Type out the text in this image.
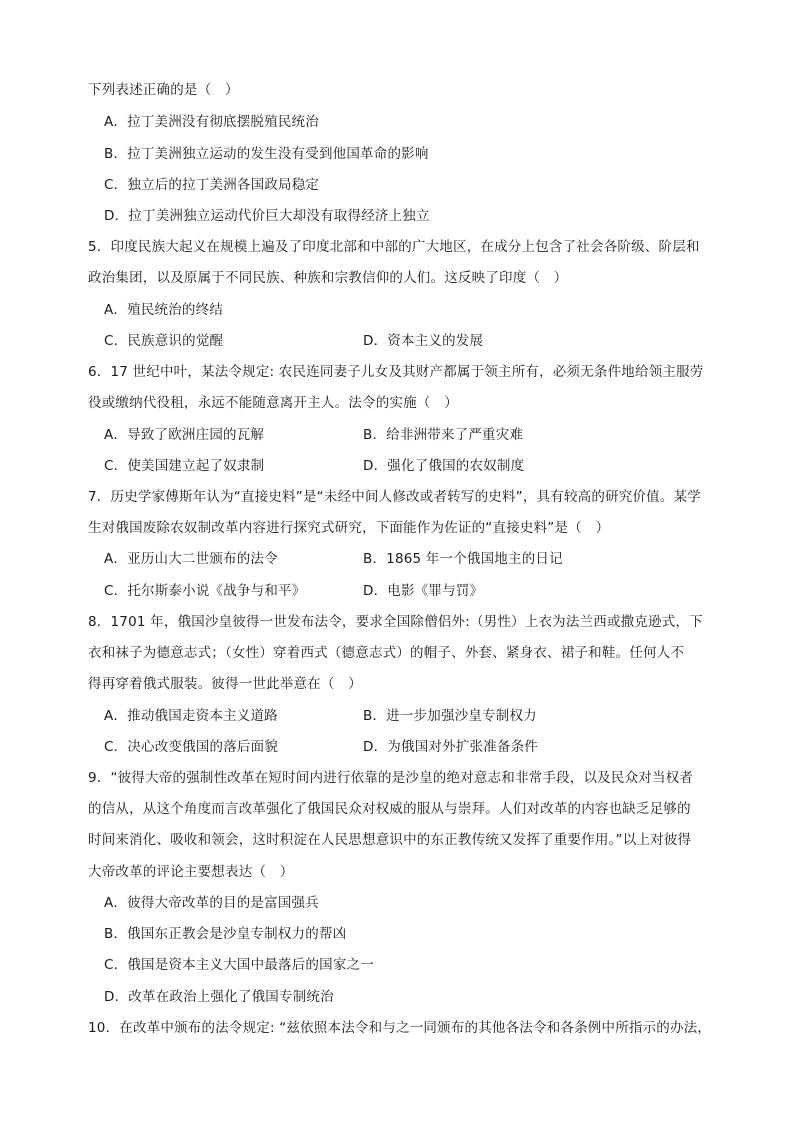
下列表述正确的是（　）
A．拉丁美洲没有彻底摆脱殖民统治
B．拉丁美洲独立运动的发生没有受到他国革命的影响
C．独立后的拉丁美洲各国政局稳定
D．拉丁美洲独立运动代价巨大却没有取得经济上独立
5．印度民族大起义在规模上遍及了印度北部和中部的广大地区，在成分上包含了社会各阶级、阶层和
政治集团，以及原属于不同民族、种族和宗教信仰的人们。这反映了印度（　）
A．殖民统治的终结
C．民族意识的觉醒	D．资本主义的发展
6．17 世纪中叶，某法令规定: 农民连同妻子儿女及其财产都属于领主所有，必须无条件地给领主服劳
役或缴纳代役租，永远不能随意离开主人。法令的实施（　）
A．导致了欧洲庄园的瓦解	B．给非洲带来了严重灾难
C．使美国建立起了奴隶制	D．强化了俄国的农奴制度
7．历史学家傅斯年认为“直接史料”是“未经中间人修改或者转写的史料”，具有较高的研究价值。某学
生对俄国废除农奴制改革内容进行探究式研究，下面能作为佐证的“直接史料”是（　）
A．亚历山大二世颁布的法令	B．1865 年一个俄国地主的日记
C．托尔斯泰小说《战争与和平》	D．电影《罪与罚》
8．1701 年，俄国沙皇彼得一世发布法令，要求全国除僧侣外:（男性）上衣为法兰西或撒克逊式，下
衣和袜子为德意志式；（女性）穿着西式（德意志式）的帽子、外套、紧身衣、裙子和鞋。任何人不
得再穿着俄式服装。彼得一世此举意在（　）
A．推动俄国走资本主义道路	B．进一步加强沙皇专制权力
C．决心改变俄国的落后面貌	D．为俄国对外扩张准备条件
9．“彼得大帝的强制性改革在短时间内进行依靠的是沙皇的绝对意志和非常手段，以及民众对当权者
的信从，从这个角度而言改革强化了俄国民众对权威的服从与崇拜。人们对改革的内容也缺乏足够的
时间来消化、吸收和领会，这时积淀在人民思想意识中的东正教传统又发挥了重要作用。”以上对彼得
大帝改革的评论主要想表达（　）
A．彼得大帝改革的目的是富国强兵
B．俄国东正教会是沙皇专制权力的帮凶
C．俄国是资本主义大国中最落后的国家之一
D．改革在政治上强化了俄国专制统治
10．在改革中颁布的法令规定: “兹依照本法令和与之一同颁布的其他各法令和各条例中所指示的办法，
